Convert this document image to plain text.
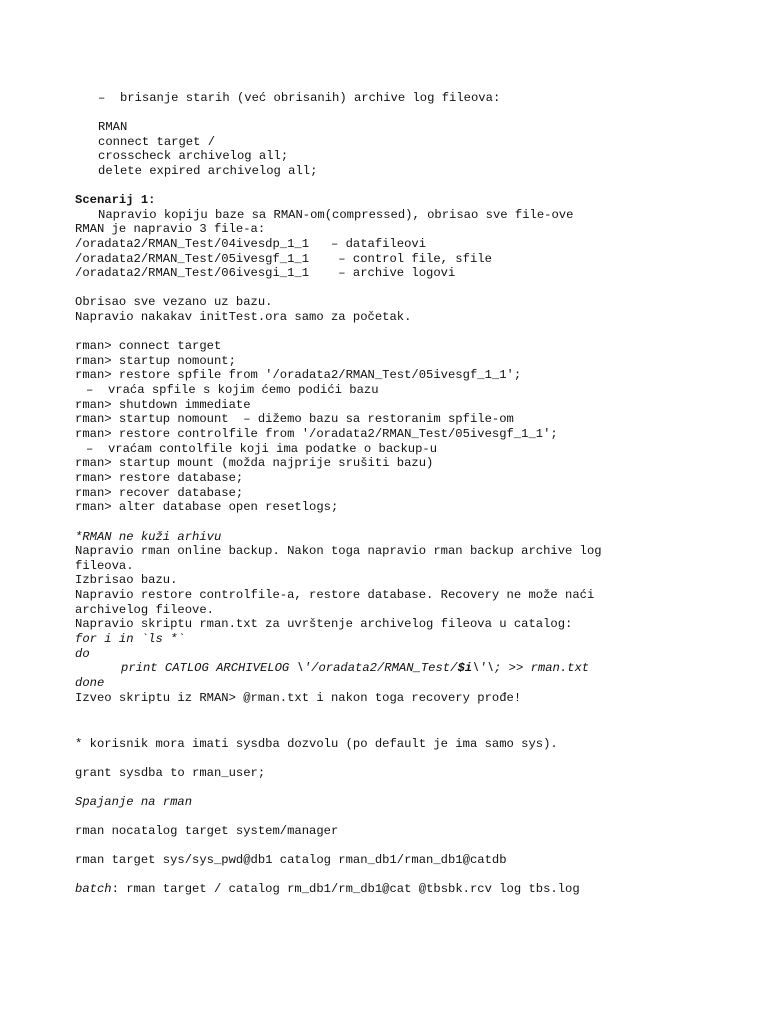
–  brisanje starih (već obrisanih) archive log fileova:
RMAN
connect target /
crosscheck archivelog all;
delete expired archivelog all;
Scenarij 1:
Napravio kopiju baze sa RMAN-om(compressed), obrisao sve file-ove
RMAN je napravio 3 file-a:
/oradata2/RMAN_Test/04ivesdp_1_1   – datafileovi
/oradata2/RMAN_Test/05ivesgf_1_1    – control file, sfile
/oradata2/RMAN_Test/06ivesgi_1_1    – archive logovi
Obrisao sve vezano uz bazu.
Napravio nakakav initTest.ora samo za početak.
rman> connect target
rman> startup nomount;
rman> restore spfile from '/oradata2/RMAN_Test/05ivesgf_1_1';
–  vraća spfile s kojim ćemo podići bazu
rman> shutdown immediate
rman> startup nomount  – dižemo bazu sa restoranim spfile-om
rman> restore controlfile from '/oradata2/RMAN_Test/05ivesgf_1_1';
–  vraćam contolfile koji ima podatke o backup-u
rman> startup mount (možda najprije srušiti bazu)
rman> restore database;
rman> recover database;
rman> alter database open resetlogs;
*RMAN ne kuži arhivu
Napravio rman online backup. Nakon toga napravio rman backup archive log
fileova.
Izbrisao bazu.
Napravio restore controlfile-a, restore database. Recovery ne može naći
archivelog fileove.
Napravio skriptu rman.txt za uvrštenje archivelog fileova u catalog:
for i in `ls *`
do
print CATLOG ARCHIVELOG \'/oradata2/RMAN_Test/$i\'\; >> rman.txt
done
Izveo skriptu iz RMAN> @rman.txt i nakon toga recovery prođe!
* korisnik mora imati sysdba dozvolu (po default je ima samo sys).
grant sysdba to rman_user;
Spajanje na rman
rman nocatalog target system/manager
rman target sys/sys_pwd@db1 catalog rman_db1/rman_db1@catdb
batch: rman target / catalog rm_db1/rm_db1@cat @tbsbk.rcv log tbs.log
